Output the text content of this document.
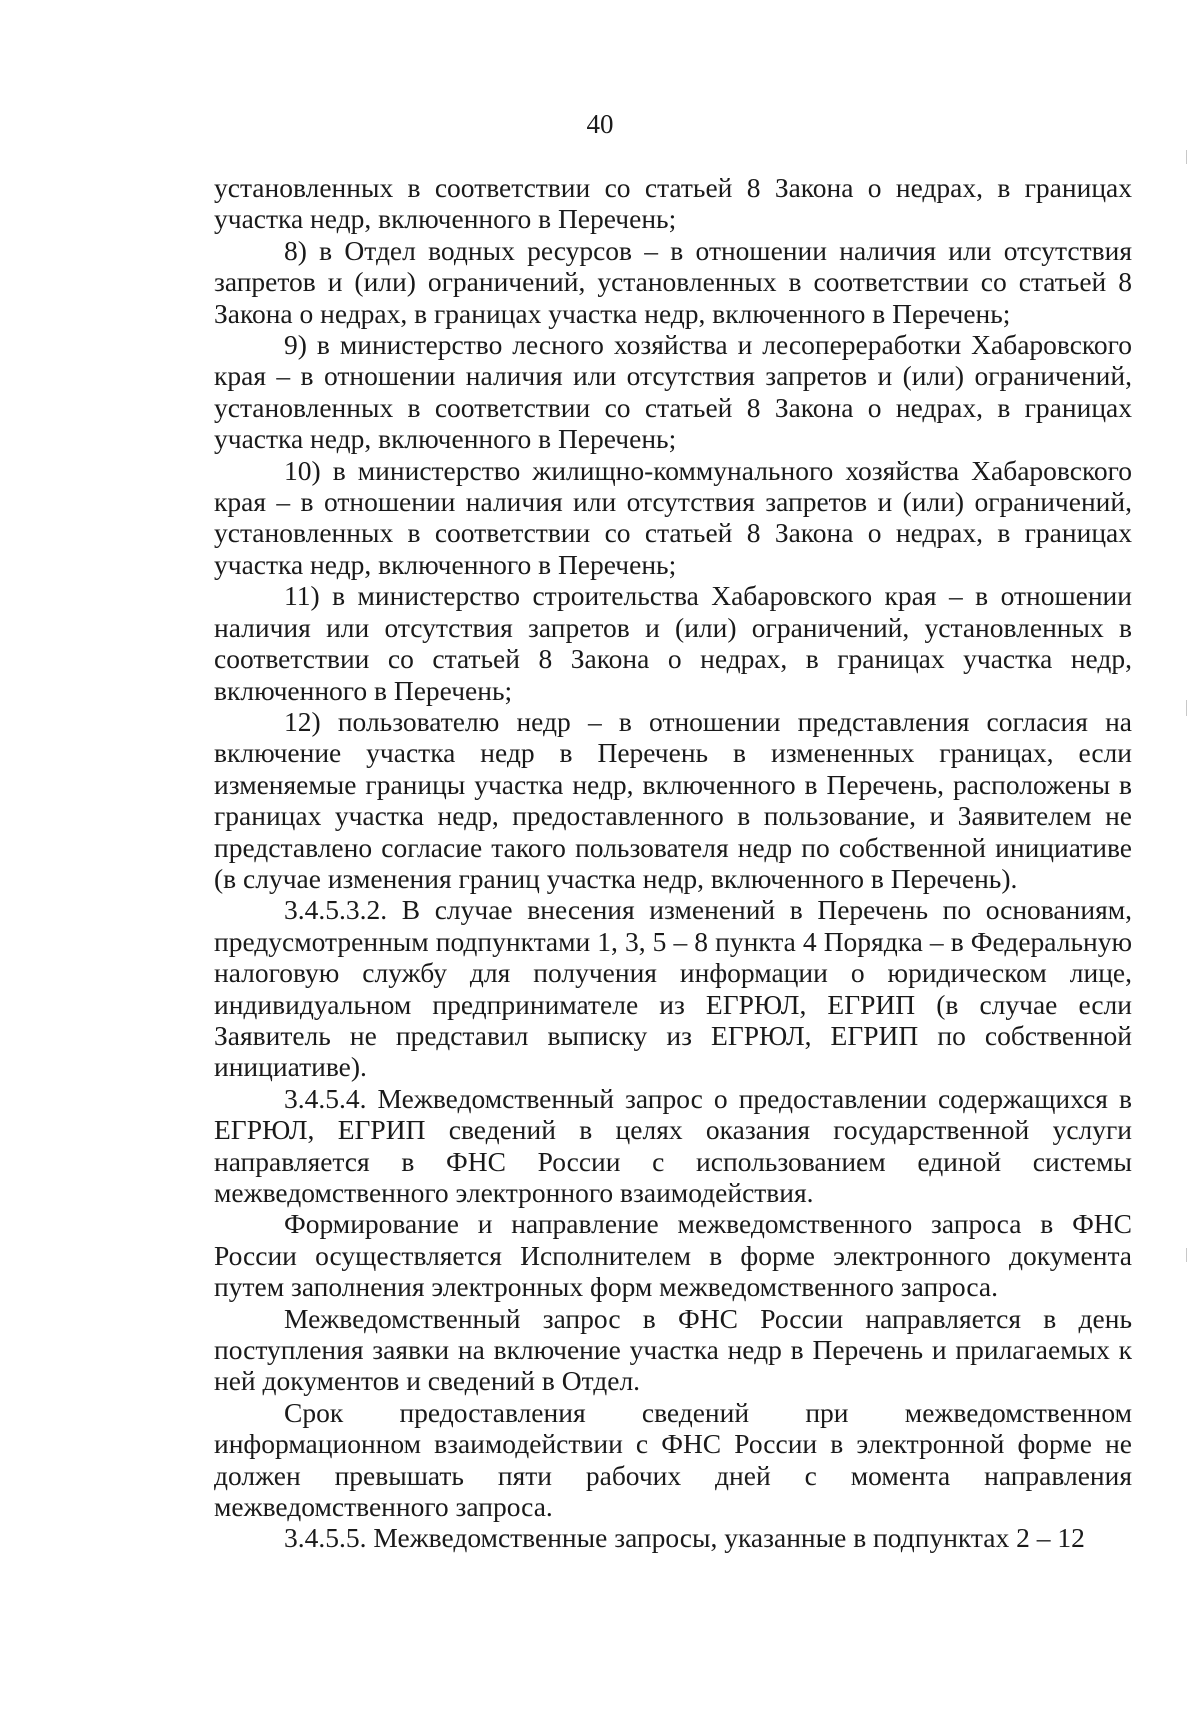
40

установленных в соответствии со статьей 8 Закона о недрах, в границах участка недр, включенного в Перечень;

8) в Отдел водных ресурсов – в отношении наличия или отсутствия запретов и (или) ограничений, установленных в соответствии со статьей 8 Закона о недрах, в границах участка недр, включенного в Перечень;

9) в министерство лесного хозяйства и лесопереработки Хабаровского края – в отношении наличия или отсутствия запретов и (или) ограничений, установленных в соответствии со статьей 8 Закона о недрах, в границах участка недр, включенного в Перечень;

10) в министерство жилищно-коммунального хозяйства Хабаровского края – в отношении наличия или отсутствия запретов и (или) ограничений, установленных в соответствии со статьей 8 Закона о недрах, в границах участка недр, включенного в Перечень;

11) в министерство строительства Хабаровского края – в отношении наличия или отсутствия запретов и (или) ограничений, установленных в соответствии со статьей 8 Закона о недрах, в границах участка недр, включенного в Перечень;

12) пользователю недр – в отношении представления согласия на включение участка недр в Перечень в измененных границах, если изменяемые границы участка недр, включенного в Перечень, расположены в границах участка недр, предоставленного в пользование, и Заявителем не представлено согласие такого пользователя недр по собственной инициативе (в случае изменения границ участка недр, включенного в Перечень).

3.4.5.3.2. В случае внесения изменений в Перечень по основаниям, предусмотренным подпунктами 1, 3, 5 – 8 пункта 4 Порядка – в Федеральную налоговую службу для получения информации о юридическом лице, индивидуальном предпринимателе из ЕГРЮЛ, ЕГРИП (в случае если Заявитель не представил выписку из ЕГРЮЛ, ЕГРИП по собственной инициативе).

3.4.5.4. Межведомственный запрос о предоставлении содержащихся в ЕГРЮЛ, ЕГРИП сведений в целях оказания государственной услуги направляется в ФНС России с использованием единой системы межведомственного электронного взаимодействия.

Формирование и направление межведомственного запроса в ФНС России осуществляется Исполнителем в форме электронного документа путем заполнения электронных форм межведомственного запроса.

Межведомственный запрос в ФНС России направляется в день поступления заявки на включение участка недр в Перечень и прилагаемых к ней документов и сведений в Отдел.

Срок предоставления сведений при межведомственном информационном взаимодействии с ФНС России в электронной форме не должен превышать пяти рабочих дней с момента направления межведомственного запроса.

3.4.5.5. Межведомственные запросы, указанные в подпунктах 2 – 12
